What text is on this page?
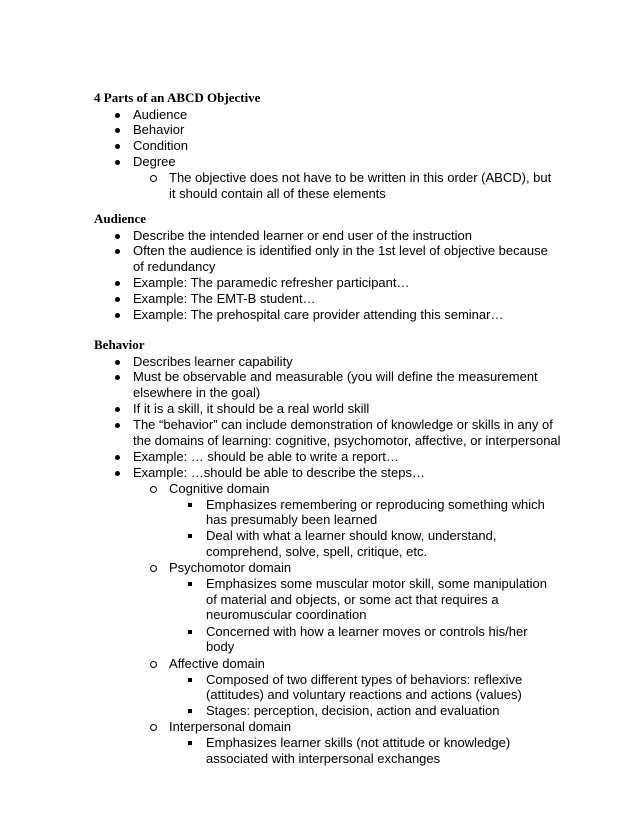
4 Parts of an ABCD Objective
Audience
Behavior
Condition
Degree
The objective does not have to be written in this order (ABCD), but
it should contain all of these elements
Audience
Describe the intended learner or end user of the instruction
Often the audience is identified only in the 1st level of objective because
of redundancy
Example: The paramedic refresher participant…
Example: The EMT-B student…
Example: The prehospital care provider attending this seminar…
Behavior
Describes learner capability
Must be observable and measurable (you will define the measurement
elsewhere in the goal)
If it is a skill, it should be a real world skill
The “behavior” can include demonstration of knowledge or skills in any of
the domains of learning: cognitive, psychomotor, affective, or interpersonal
Example: … should be able to write a report…
Example: …should be able to describe the steps…
Cognitive domain
Emphasizes remembering or reproducing something which
has presumably been learned
Deal with what a learner should know, understand,
comprehend, solve, spell, critique, etc.
Psychomotor domain
Emphasizes some muscular motor skill, some manipulation
of material and objects, or some act that requires a
neuromuscular coordination
Concerned with how a learner moves or controls his/her
body
Affective domain
Composed of two different types of behaviors: reflexive
(attitudes) and voluntary reactions and actions (values)
Stages: perception, decision, action and evaluation
Interpersonal domain
Emphasizes learner skills (not attitude or knowledge)
associated with interpersonal exchanges
